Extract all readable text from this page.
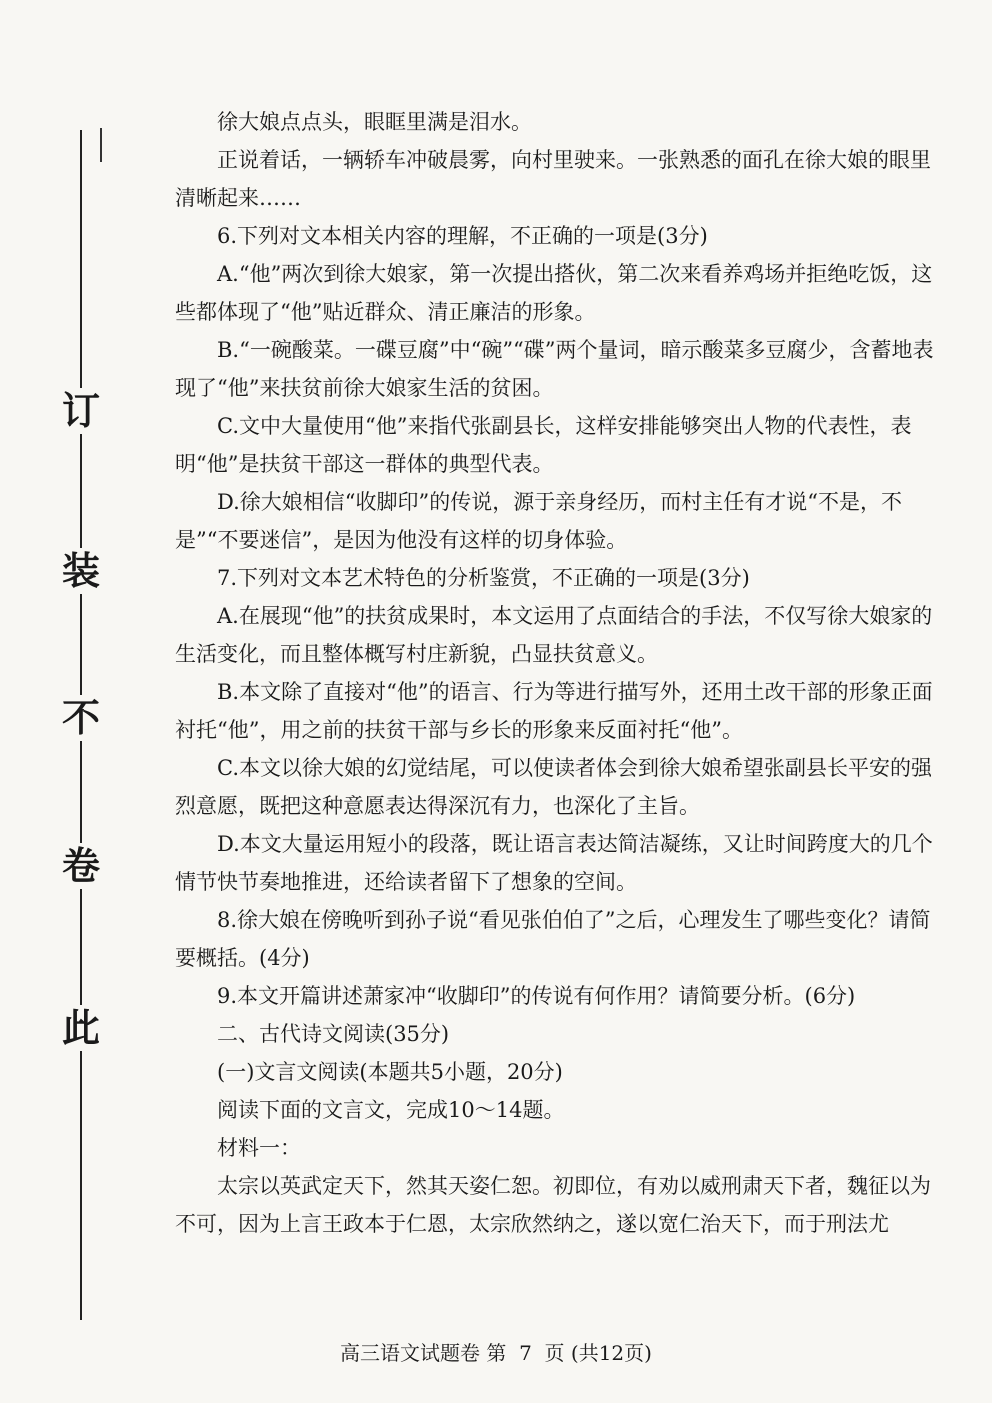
订
装
不
卷
此

徐大娘点点头，眼眶里满是泪水。

正说着话，一辆轿车冲破晨雾，向村里驶来。一张熟悉的面孔在徐大娘的眼里清晰起来……

6.下列对文本相关内容的理解，不正确的一项是(3分)

A.“他”两次到徐大娘家，第一次提出搭伙，第二次来看养鸡场并拒绝吃饭，这些都体现了“他”贴近群众、清正廉洁的形象。

B.“一碗酸菜。一碟豆腐”中“碗”“碟”两个量词，暗示酸菜多豆腐少，含蓄地表现了“他”来扶贫前徐大娘家生活的贫困。

C.文中大量使用“他”来指代张副县长，这样安排能够突出人物的代表性，表明“他”是扶贫干部这一群体的典型代表。

D.徐大娘相信“收脚印”的传说，源于亲身经历，而村主任有才说“不是，不是”“不要迷信”，是因为他没有这样的切身体验。

7.下列对文本艺术特色的分析鉴赏，不正确的一项是(3分)

A.在展现“他”的扶贫成果时，本文运用了点面结合的手法，不仅写徐大娘家的生活变化，而且整体概写村庄新貌，凸显扶贫意义。

B.本文除了直接对“他”的语言、行为等进行描写外，还用土改干部的形象正面衬托“他”，用之前的扶贫干部与乡长的形象来反面衬托“他”。

C.本文以徐大娘的幻觉结尾，可以使读者体会到徐大娘希望张副县长平安的强烈意愿，既把这种意愿表达得深沉有力，也深化了主旨。

D.本文大量运用短小的段落，既让语言表达简洁凝练，又让时间跨度大的几个情节快节奏地推进，还给读者留下了想象的空间。

8.徐大娘在傍晚听到孙子说“看见张伯伯了”之后，心理发生了哪些变化？请简要概括。(4分)

9.本文开篇讲述萧家冲“收脚印”的传说有何作用？请简要分析。(6分)

二、古代诗文阅读(35分)

(一)文言文阅读(本题共5小题，20分)

阅读下面的文言文，完成10～14题。

材料一：

太宗以英武定天下，然其天姿仁恕。初即位，有劝以威刑肃天下者，魏征以为不可，因为上言王政本于仁恩，太宗欣然纳之，遂以宽仁治天下，而于刑法尤

高三语文试题卷 第  7  页 (共12页)
